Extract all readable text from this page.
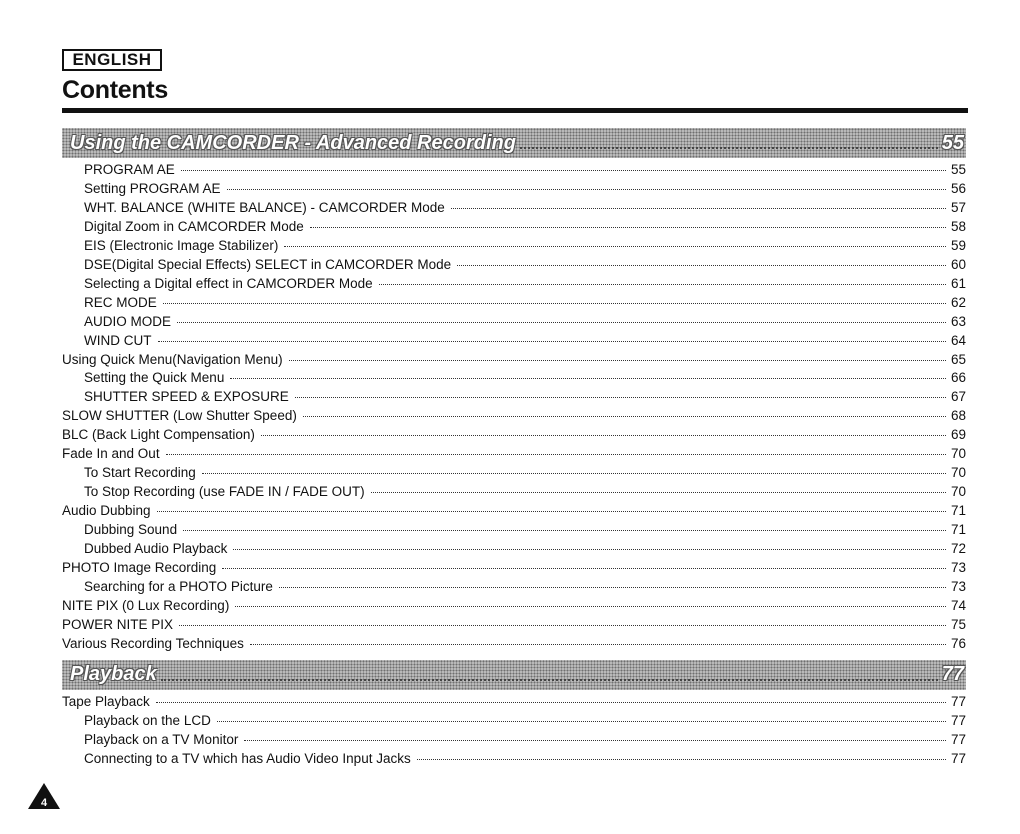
ENGLISH
Contents
Using the CAMCORDER - Advanced Recording	55
PROGRAM AE	55
Setting PROGRAM AE	56
WHT. BALANCE (WHITE BALANCE) - CAMCORDER Mode	57
Digital Zoom in CAMCORDER Mode	58
EIS (Electronic Image Stabilizer)	59
DSE(Digital Special Effects) SELECT in CAMCORDER Mode	60
Selecting a Digital effect in CAMCORDER Mode	61
REC MODE	62
AUDIO MODE	63
WIND CUT	64
Using Quick Menu(Navigation Menu)	65
Setting the Quick Menu	66
SHUTTER SPEED & EXPOSURE	67
SLOW SHUTTER (Low Shutter Speed)	68
BLC (Back Light Compensation)	69
Fade In and Out	70
To Start Recording	70
To Stop Recording (use FADE IN / FADE OUT)	70
Audio Dubbing	71
Dubbing Sound	71
Dubbed Audio Playback	72
PHOTO Image Recording	73
Searching for a PHOTO Picture	73
NITE PIX (0 Lux Recording)	74
POWER NITE PIX	75
Various Recording Techniques	76
Playback	77
Tape Playback	77
Playback on the LCD	77
Playback on a TV Monitor	77
Connecting to a TV which has Audio Video Input Jacks	77
4
